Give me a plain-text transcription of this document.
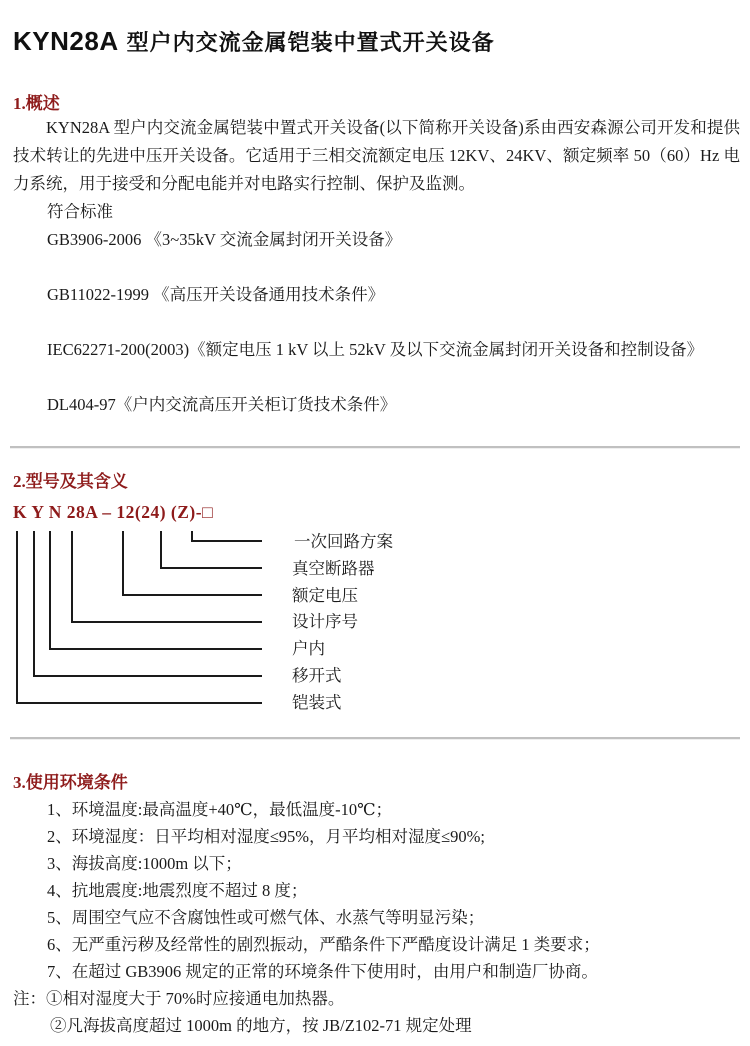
KYN28A 型户内交流金属铠装中置式开关设备
1.概述

KYN28A 型户内交流金属铠装中置式开关设备(以下简称开关设备)系由西安森源公司开发和提供技术转让的先进中压开关设备。它适用于三相交流额定电压 12KV、24KV、额定频率 50（60）Hz 电力系统，用于接受和分配电能并对电路实行控制、保护及监测。

符合标准
GB3906-2006 《3~35kV 交流金属封闭开关设备》
GB11022-1999 《高压开关设备通用技术条件》
IEC62271-200(2003)《额定电压 1 kV 以上 52kV 及以下交流金属封闭开关设备和控制设备》
DL404-97《户内交流高压开关柜订货技术条件》
2.型号及其含义
K Y N 28A – 12(24) (Z)-□
一次回路方案
真空断路器
额定电压
设计序号
户内
移开式
铠装式
3.使用环境条件
1、环境温度:最高温度+40℃，最低温度-10℃；
2、环境湿度：日平均相对湿度≤95%，月平均相对湿度≤90%;
3、海拔高度:1000m 以下；
4、抗地震度:地震烈度不超过 8 度；
5、周围空气应不含腐蚀性或可燃气体、水蒸气等明显污染；
6、无严重污秽及经常性的剧烈振动，严酷条件下严酷度设计满足 1 类要求；
7、在超过 GB3906 规定的正常的环境条件下使用时，由用户和制造厂协商。
注：①相对湿度大于 70%时应接通电加热器。
②凡海拔高度超过 1000m 的地方，按 JB/Z102-71 规定处理
